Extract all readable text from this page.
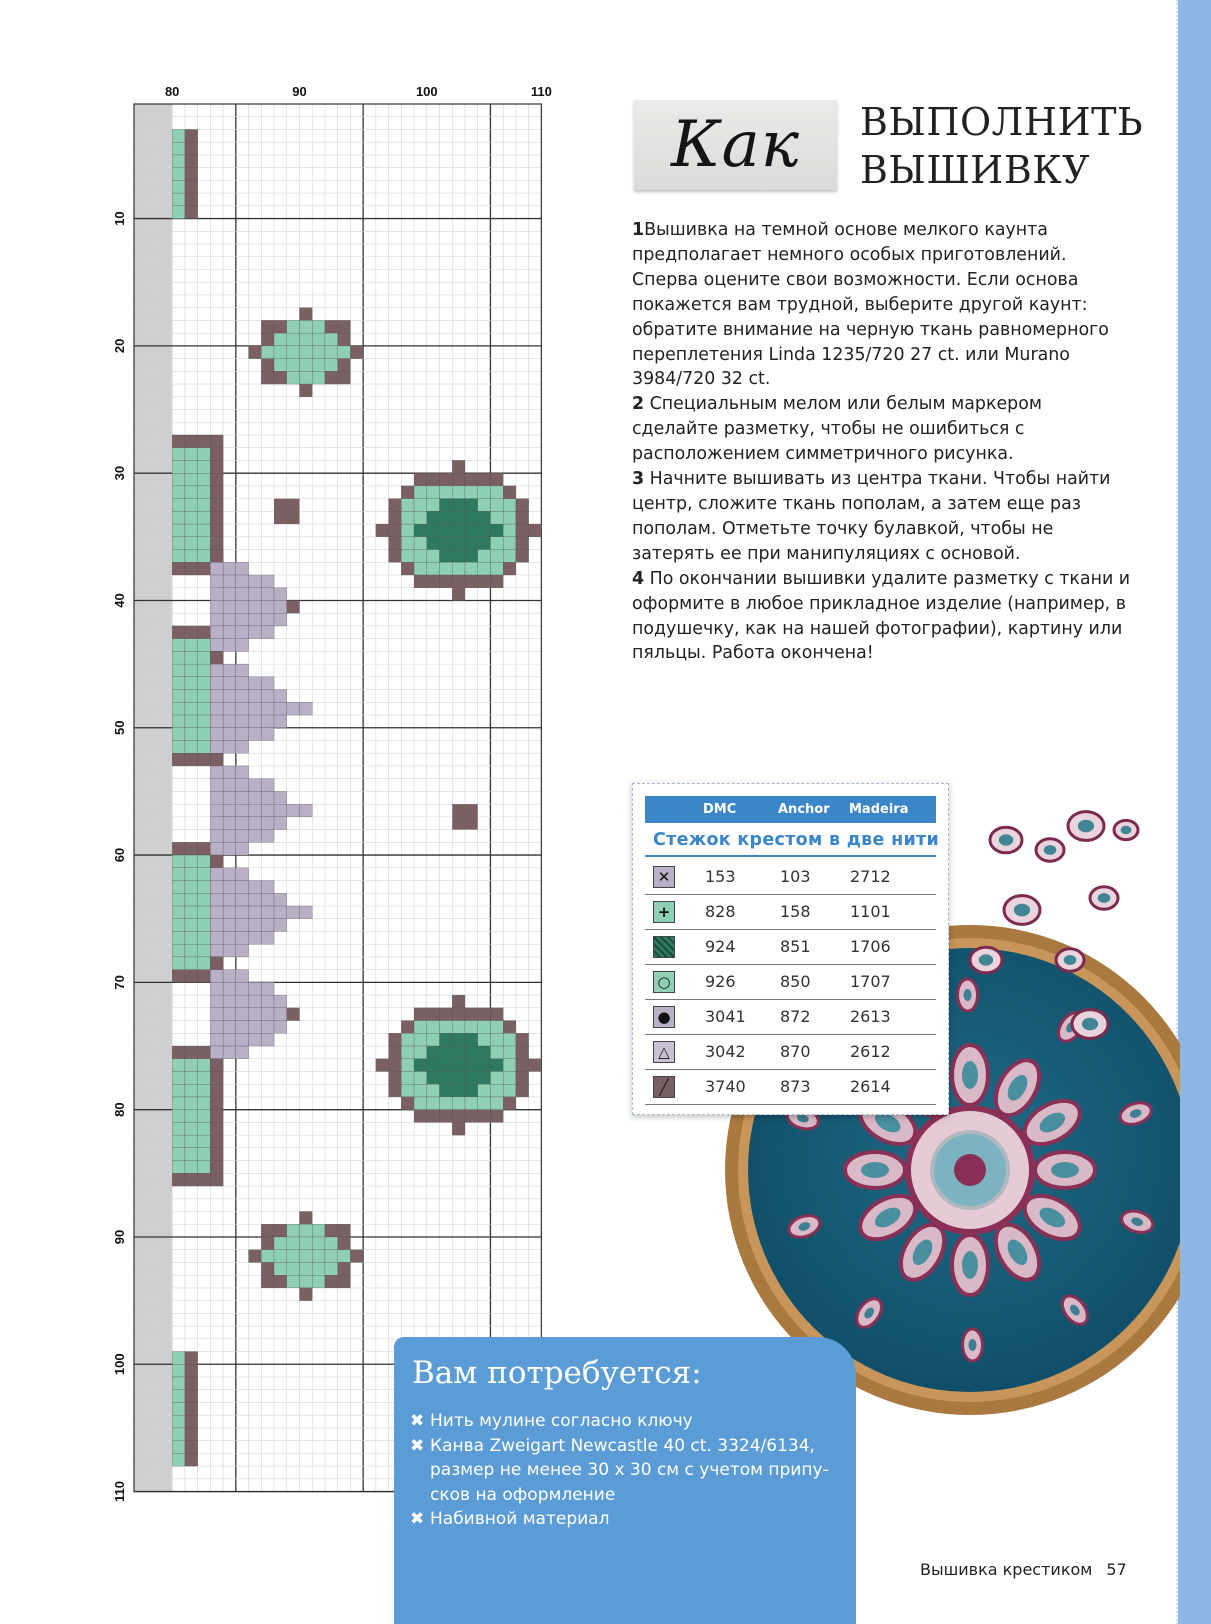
80	90	100	110
10
20
30
40
50
60
70
80
90
100
110
Как	ВЫПОЛНИТЬ
ВЫШИВКУ

1Вышивка на темной основе мелкого каунта предполагает немного особых приготовлений. Сперва оцените свои возможности. Если основа покажется вам трудной, выберите другой каунт: обратите внимание на черную ткань равномерного переплетения Linda 1235/720 27 ct. или Murano 3984/720 32 ct.

2 Специальным мелом или белым маркером сделайте разметку, чтобы не ошибиться с расположением симметричного рисунка.

3 Начните вышивать из центра ткани. Чтобы найти центр, сложите ткань пополам, а затем еще раз пополам. Отметьте точку булавкой, чтобы не затерять ее при манипуляциях с основой.

4 По окончании вышивки удалите разметку с ткани и оформите в любое прикладное изделие (например, в подушечку, как на нашей фотографии), картину или пяльцы. Работа окончена!

DMC	Anchor Madeira
Стежок крестом в две нити
✕ 153	103 2712
+ 828	158 1101
924	851 1706
○ 926	850 1707
● 3041 872 2613
△	3042 870 2612
╱	3740 873 2614
Вам потребуется:
✖ Нить мулине согласно ключу
✖ Канва Zweigart Newcastle 40 ct. 3324/6134, размер не менее 30 х 30 см с учетом припу-сков на оформление
✖ Набивной материал
Вышивка крестиком 57
